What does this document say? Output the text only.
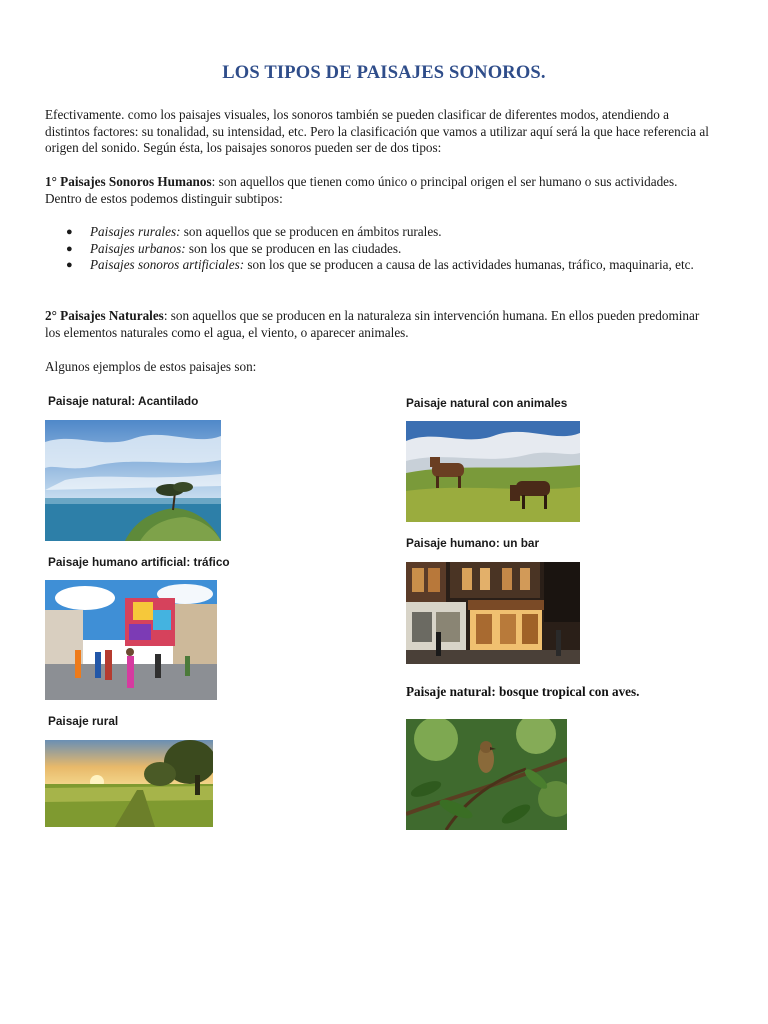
LOS TIPOS DE PAISAJES SONOROS.

Efectivamente. como los paisajes visuales, los sonoros también se pueden clasificar de diferentes modos, atendiendo a distintos factores: su tonalidad, su intensidad, etc. Pero la clasificación que vamos a utilizar aquí será la que hace referencia al origen del sonido. Según ésta, los paisajes sonoros pueden ser de dos tipos:

1° Paisajes Sonoros Humanos: son aquellos que tienen como único o principal origen el ser humano o sus actividades. Dentro de estos podemos distinguir subtipos:

● Paisajes rurales: son aquellos que se producen en ámbitos rurales.
● Paisajes urbanos: son los que se producen en las ciudades.
● Paisajes sonoros artificiales: son los que se producen a causa de las actividades humanas, tráfico, maquinaria, etc.

2° Paisajes Naturales: son aquellos que se producen en la naturaleza sin intervención humana. En ellos pueden predominar los elementos naturales como el agua, el viento, o aparecer animales.

Algunos ejemplos de estos paisajes son:

Paisaje natural: Acantilado

Paisaje humano artificial: tráfico

Paisaje rural

Paisaje natural con animales

Paisaje humano: un bar

Paisaje natural: bosque tropical con aves.
